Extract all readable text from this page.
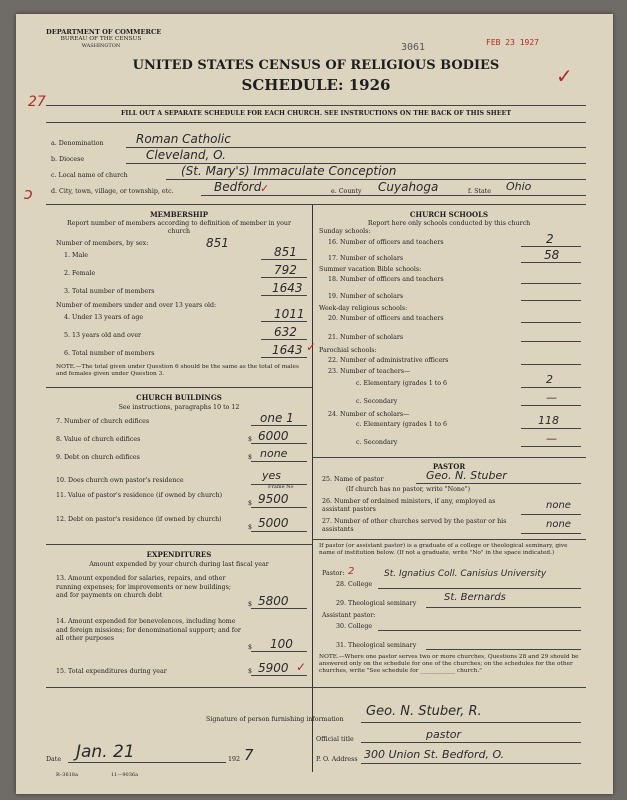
DEPARTMENT OF COMMERCE
BUREAU OF THE CENSUS
WASHINGTON
UNITED STATES CENSUS OF RELIGIOUS BODIES
SCHEDULE: 1926
FEB 23 1927
3061
27
✓
FILL OUT A SEPARATE SCHEDULE FOR EACH CHURCH. SEE INSTRUCTIONS ON THE BACK OF THIS SHEET
a. Denomination	Roman Catholic
b. Diocese	Cleveland, O.
c. Local name of church	(St. Mary's) Immaculate Conception
d. City, town, village, or township, etc.	Bedford
✓	e. County Cuyahoga	f. State Ohio
ↄ
MEMBERSHIP
Report number of members according to definition of member in your church
Number of members, by sex:	851
1. Male	851
2. Female	792
3. Total number of members	1643
Number of members under and over 13 years old:
4. Under 13 years of age	1011
5. 13 years old and over	632
6. Total number of members	1643 ✓
NOTE.—The total given under Question 6 should be the same as the total of males and females given under Question 3.
CHURCH BUILDINGS
See instructions, paragraphs 10 to 12
7. Number of church edifices	one 1
8. Value of church edifices	$ 6000
9. Debt on church edifices	$ none
10. Does church own pastor's residence	yes
11. Value of pastor's residence (if owned by church)
Frame No
$ 9500
12. Debt on pastor's residence (if owned by church)
$ 5000
EXPENDITURES
Amount expended by your church during last fiscal year
13. Amount expended for salaries, repairs, and other running expenses; for improvements or new buildings; and for payments on church debt
$ 5800
14. Amount expended for benevolences, including home and foreign missions; for denominational support; and for all other purposes
$ 100
15. Total expenditures during year	$ 5900 ✓
CHURCH SCHOOLS
Report here only schools conducted by this church
Sunday schools:
16. Number of officers and teachers	2
17. Number of scholars	58
Summer vacation Bible schools:
18. Number of officers and teachers
19. Number of scholars
Week-day religious schools:
20. Number of officers and teachers
21. Number of scholars
Parochial schools:
22. Number of administrative officers
23. Number of teachers—
c. Elementary (grades 1 to 6	2
c. Secondary	—
24. Number of scholars—
c. Elementary (grades 1 to 6	118
c. Secondary	—
PASTOR
25. Name of pastor	Geo. N. Stuber
(If church has no pastor, write "None")
26. Number of ordained ministers, if any, employed as assistant pastors	none
27. Number of other churches served by the pastor or his assistants	none
If pastor (or assistant pastor) is a graduate of a college or theological seminary, give name of institution below. (If not a graduate, write "No" in the space indicated.)
Pastor: 2
28. College
St. Ignatius Coll. Canisius University
29. Theological seminary
St. Bernards
Assistant pastor:
30. College
31. Theological seminary
NOTE.—Where one pastor serves two or more churches, Questions 28 and 29 should be answered only on the schedule for one of the churches; on the schedules for the other churches, write "See schedule for ____________ church."
Signature of person furnishing information
Geo. N. Stuber, R.
Official title	pastor
Date Jan. 21	192 7	P. O. Address 300 Union St. Bedford, O.
R–3618a	11—9036a
